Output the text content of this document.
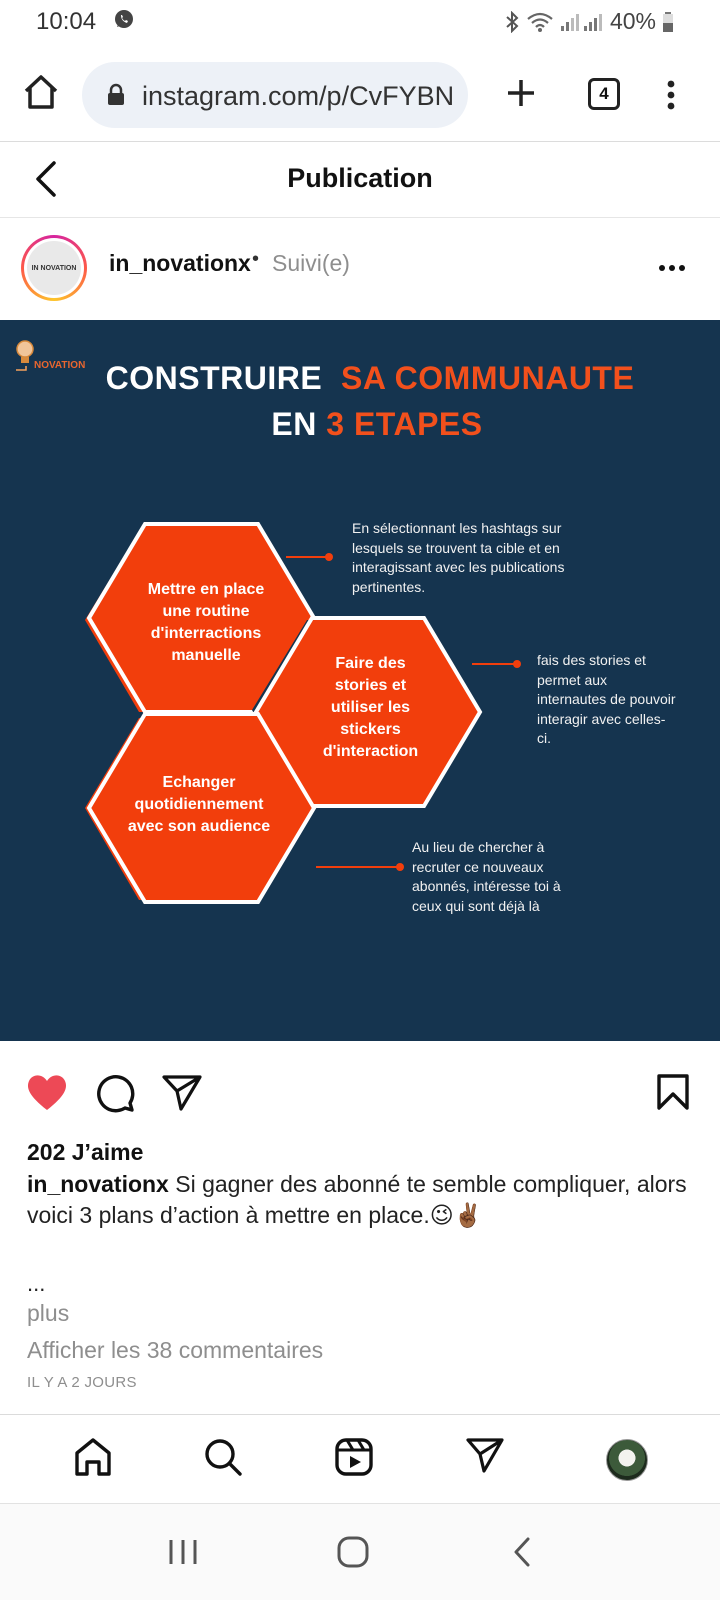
10:04	40%
instagram.com/p/CvFYBN	4
Publication
IN NOVATION in_novationx • Suivi(e)
NOVATION CONSTRUIRE SA COMMUNAUTE
EN 3 ETAPES
Mettre en place une routine d'interractions manuelle	Faire des stories et utiliser les stickers d'interaction
Echanger quotidiennement avec son audience
En sélectionnant les hashtags sur lesquels se trouvent ta cible et en interagissant avec les publications pertinentes.
fais des stories et permet aux internautes de pouvoir interagir avec celles-ci.
Au lieu de chercher à recruter ce nouveaux abonnés, intéresse toi à ceux qui sont déjà là
202 J’aime
in_novationx Si gagner des abonné te semble compliquer, alors voici 3 plans d’action à mettre en place.😉✌🏾
...
plus
Afficher les 38 commentaires
IL Y A 2 JOURS
